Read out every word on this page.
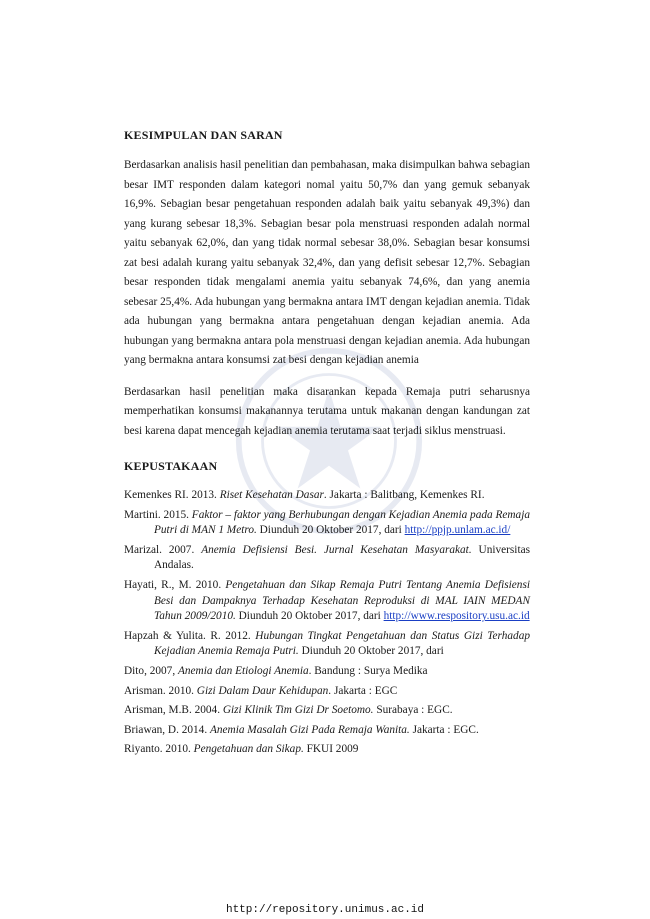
KESIMPULAN DAN SARAN

Berdasarkan analisis hasil penelitian dan pembahasan, maka disimpulkan bahwa sebagian besar IMT responden dalam kategori nomal yaitu 50,7% dan yang gemuk sebanyak 16,9%. Sebagian besar pengetahuan responden adalah baik yaitu sebanyak 49,3%) dan yang kurang sebesar 18,3%. Sebagian besar pola menstruasi responden adalah normal yaitu sebanyak 62,0%, dan yang tidak normal sebesar 38,0%. Sebagian besar konsumsi zat besi adalah kurang yaitu sebanyak 32,4%, dan yang defisit sebesar 12,7%. Sebagian besar responden tidak mengalami anemia yaitu sebanyak 74,6%, dan yang anemia sebesar 25,4%. Ada hubungan yang bermakna antara IMT dengan kejadian anemia. Tidak ada hubungan yang bermakna antara pengetahuan dengan kejadian anemia. Ada hubungan yang bermakna antara pola menstruasi dengan kejadian anemia. Ada hubungan yang bermakna antara konsumsi zat besi dengan kejadian anemia

Berdasarkan hasil penelitian maka disarankan kepada Remaja putri seharusnya memperhatikan konsumsi makanannya terutama untuk makanan dengan kandungan zat besi karena dapat mencegah kejadian anemia terutama saat terjadi siklus menstruasi.

KEPUSTAKAAN

Kemenkes RI. 2013. Riset Kesehatan Dasar. Jakarta : Balitbang, Kemenkes RI.

Martini. 2015. Faktor – faktor yang Berhubungan dengan Kejadian Anemia pada Remaja Putri di MAN 1 Metro. Diunduh 20 Oktober 2017, dari http://ppjp.unlam.ac.id/

Marizal. 2007. Anemia Defisiensi Besi. Jurnal Kesehatan Masyarakat. Universitas Andalas.

Hayati, R., M. 2010. Pengetahuan dan Sikap Remaja Putri Tentang Anemia Defisiensi Besi dan Dampaknya Terhadap Kesehatan Reproduksi di MAL IAIN MEDAN Tahun 2009/2010. Diunduh 20 Oktober 2017, dari http://www.respository.usu.ac.id

Hapzah & Yulita. R. 2012. Hubungan Tingkat Pengetahuan dan Status Gizi Terhadap Kejadian Anemia Remaja Putri. Diunduh 20 Oktober 2017, dari

Dito, 2007, Anemia dan Etiologi Anemia. Bandung : Surya Medika

Arisman. 2010. Gizi Dalam Daur Kehidupan. Jakarta : EGC

Arisman, M.B. 2004. Gizi Klinik Tim Gizi Dr Soetomo. Surabaya : EGC.

Briawan, D. 2014. Anemia Masalah Gizi Pada Remaja Wanita. Jakarta : EGC.

Riyanto. 2010. Pengetahuan dan Sikap. FKUI 2009

http://repository.unimus.ac.id
